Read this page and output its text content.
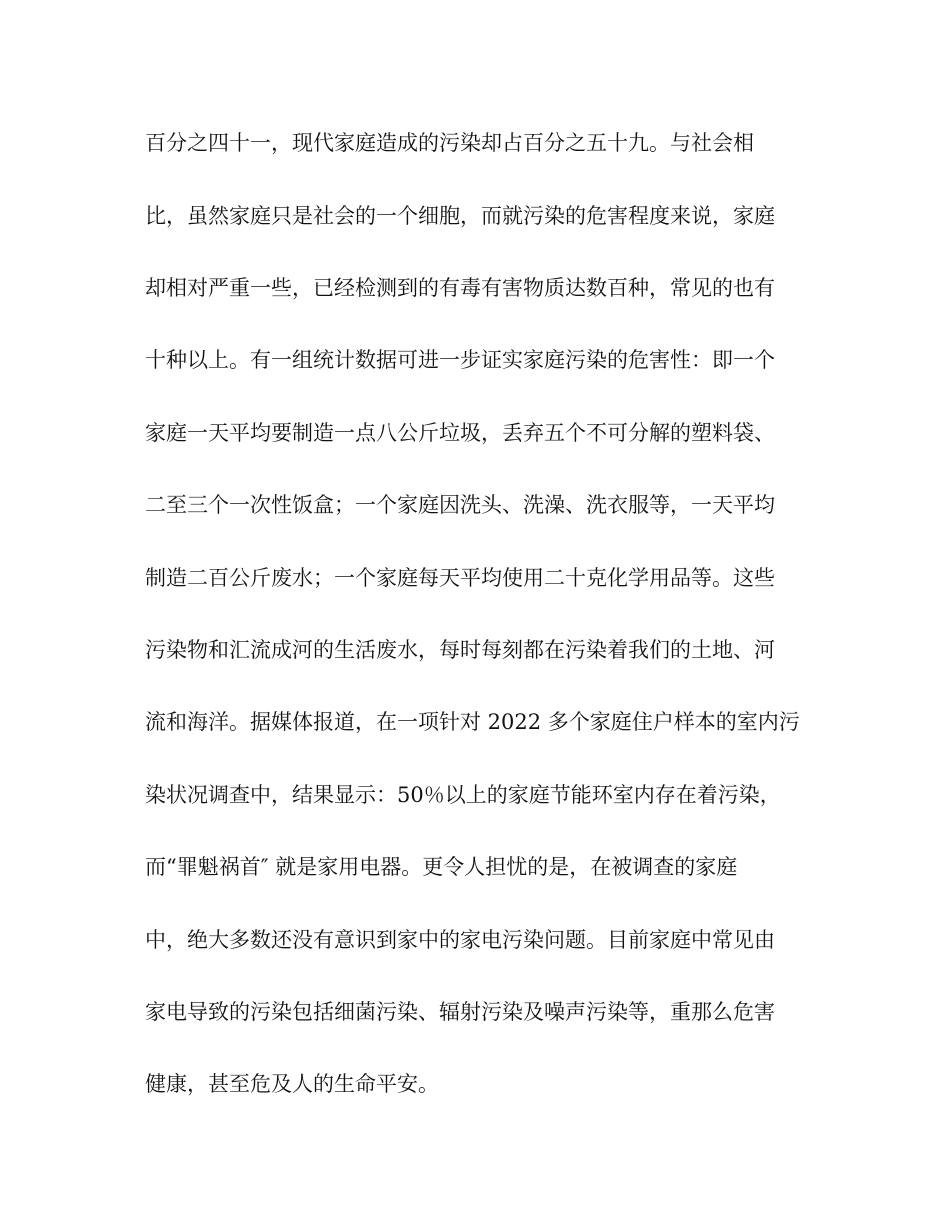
百分之四十一，现代家庭造成的污染却占百分之五十九。与社会相
比，虽然家庭只是社会的一个细胞，而就污染的危害程度来说，家庭
却相对严重一些，已经检测到的有毒有害物质达数百种，常见的也有
十种以上。有一组统计数据可进一步证实家庭污染的危害性：即一个
家庭一天平均要制造一点八公斤垃圾，丢弃五个不可分解的塑料袋、
二至三个一次性饭盒；一个家庭因洗头、洗澡、洗衣服等，一天平均
制造二百公斤废水；一个家庭每天平均使用二十克化学用品等。这些
污染物和汇流成河的生活废水，每时每刻都在污染着我们的土地、河
流和海洋。据媒体报道，在一项针对 2022 多个家庭住户样本的室内污
染状况调查中，结果显示：50％以上的家庭节能环室内存在着污染，
而“罪魁祸首″ 就是家用电器。更令人担忧的是，在被调查的家庭
中，绝大多数还没有意识到家中的家电污染问题。目前家庭中常见由
家电导致的污染包括细菌污染、辐射污染及噪声污染等，重那么危害
健康，甚至危及人的生命平安。
